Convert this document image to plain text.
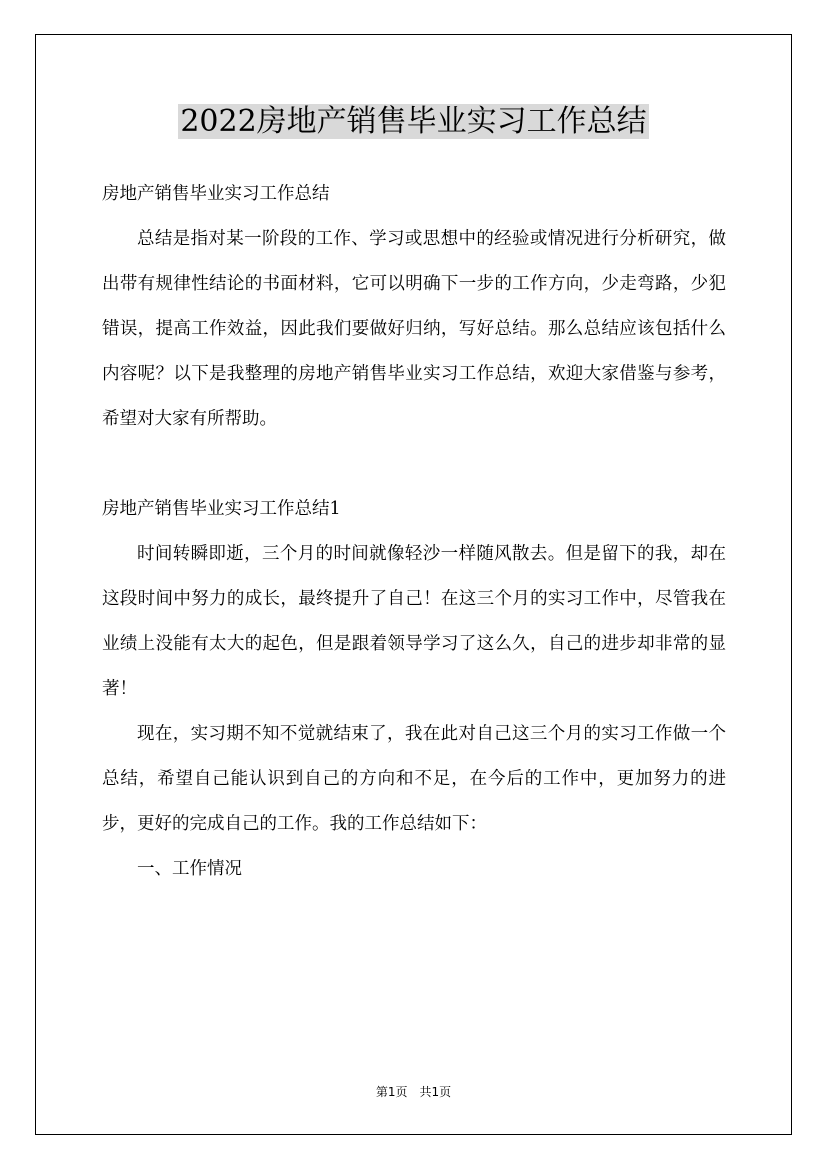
2022房地产销售毕业实习工作总结

房地产销售毕业实习工作总结

总结是指对某一阶段的工作、学习或思想中的经验或情况进行分析研究，做出带有规律性结论的书面材料，它可以明确下一步的工作方向，少走弯路，少犯错误，提高工作效益，因此我们要做好归纳，写好总结。那么总结应该包括什么内容呢？以下是我整理的房地产销售毕业实习工作总结，欢迎大家借鉴与参考，希望对大家有所帮助。

房地产销售毕业实习工作总结1

时间转瞬即逝，三个月的时间就像轻沙一样随风散去。但是留下的我，却在这段时间中努力的成长，最终提升了自己！在这三个月的实习工作中，尽管我在业绩上没能有太大的起色，但是跟着领导学习了这么久，自己的进步却非常的显著！

现在，实习期不知不觉就结束了，我在此对自己这三个月的实习工作做一个总结，希望自己能认识到自己的方向和不足，在今后的工作中，更加努力的进步，更好的完成自己的工作。我的工作总结如下：

一、工作情况

第1页　共1页
